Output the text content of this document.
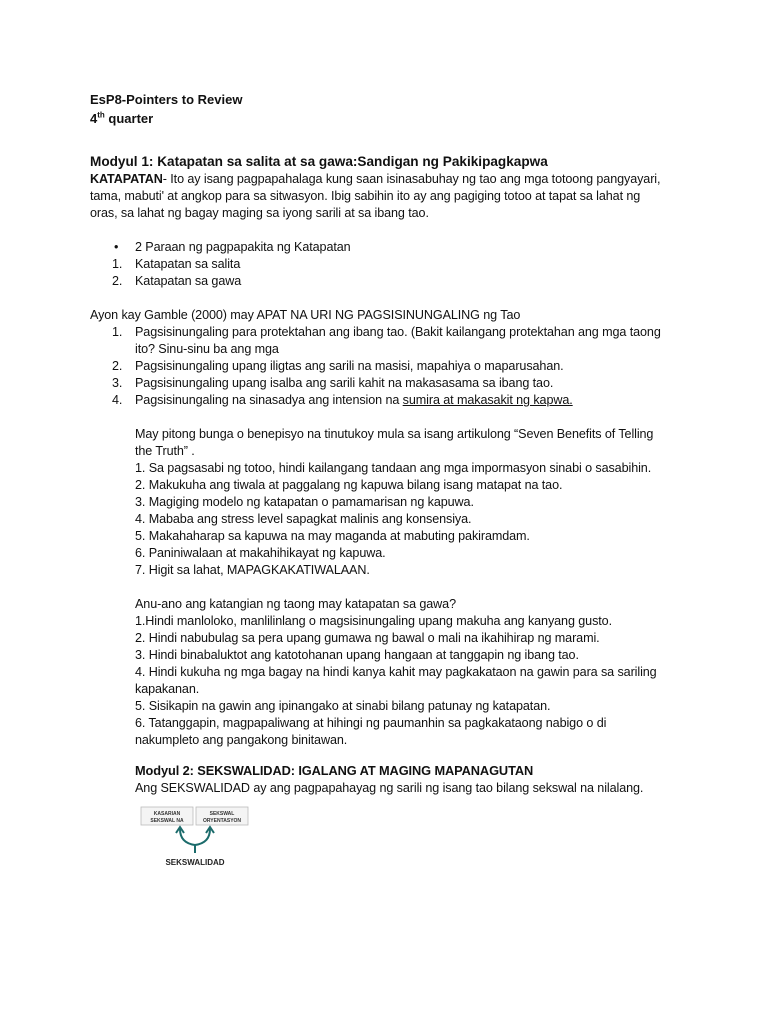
EsP8-Pointers to Review
4th quarter
Modyul 1: Katapatan sa salita at sa gawa:Sandigan ng Pakikipagkapwa
KATAPATAN- Ito ay isang pagpapahalaga kung saan isinasabuhay ng tao ang mga totoong pangyayari,
tama, mabuti' at angkop para sa sitwasyon. Ibig sabihin ito ay ang pagiging totoo at tapat sa lahat ng
oras, sa lahat ng bagay maging sa iyong sarili at sa ibang tao.
• 2 Paraan ng pagpapakita ng Katapatan
1. Katapatan sa salita
2. Katapatan sa gawa
Ayon kay Gamble (2000) may APAT NA URI NG PAGSISINUNGALING ng Tao
1. Pagsisinungaling para protektahan ang ibang tao. (Bakit kailangang protektahan ang mga taong
ito? Sinu-sinu ba ang mga
2. Pagsisinungaling upang iligtas ang sarili na masisi, mapahiya o maparusahan.
3. Pagsisinungaling upang isalba ang sarili kahit na makasasama sa ibang tao.
4. Pagsisinungaling na sinasadya ang intension na sumira at makasakit ng kapwa.
May pitong bunga o benepisyo na tinutukoy mula sa isang artikulong “Seven Benefits of Telling
the Truth” .
1. Sa pagsasabi ng totoo, hindi kailangang tandaan ang mga impormasyon sinabi o sasabihin.
2. Makukuha ang tiwala at paggalang ng kapuwa bilang isang matapat na tao.
3. Magiging modelo ng katapatan o pamamarisan ng kapuwa.
4. Mababa ang stress level sapagkat malinis ang konsensiya.
5. Makahaharap sa kapuwa na may maganda at mabuting pakiramdam.
6. Paniniwalaan at makahihikayat ng kapuwa.
7. Higit sa lahat, MAPAGKAKATIWALAAN.
Anu-ano ang katangian ng taong may katapatan sa gawa?
1.Hindi manloloko, manlilinlang o magsisinungaling upang makuha ang kanyang gusto.
2. Hindi nabubulag sa pera upang gumawa ng bawal o mali na ikahihirap ng marami.
3. Hindi binabaluktot ang katotohanan upang hangaan at tanggapin ng ibang tao.
4. Hindi kukuha ng mga bagay na hindi kanya kahit may pagkakataon na gawin para sa sariling
kapakanan.
5. Sisikapin na gawin ang ipinangako at sinabi bilang patunay ng katapatan.
6. Tatanggapin, magpapaliwang at hihingi ng paumanhin sa pagkakataong nabigo o di
nakumpleto ang pangakong binitawan.
Modyul 2: SEKSWALIDAD: IGALANG AT MAGING MAPANAGUTAN
Ang SEKSWALIDAD ay ang pagpapahayag ng sarili ng isang tao bilang sekswal na nilalang.
KASARIAN
SEKSWAL NA
SEKSWAL
ORYENTASYON
SEKSWALIDAD
